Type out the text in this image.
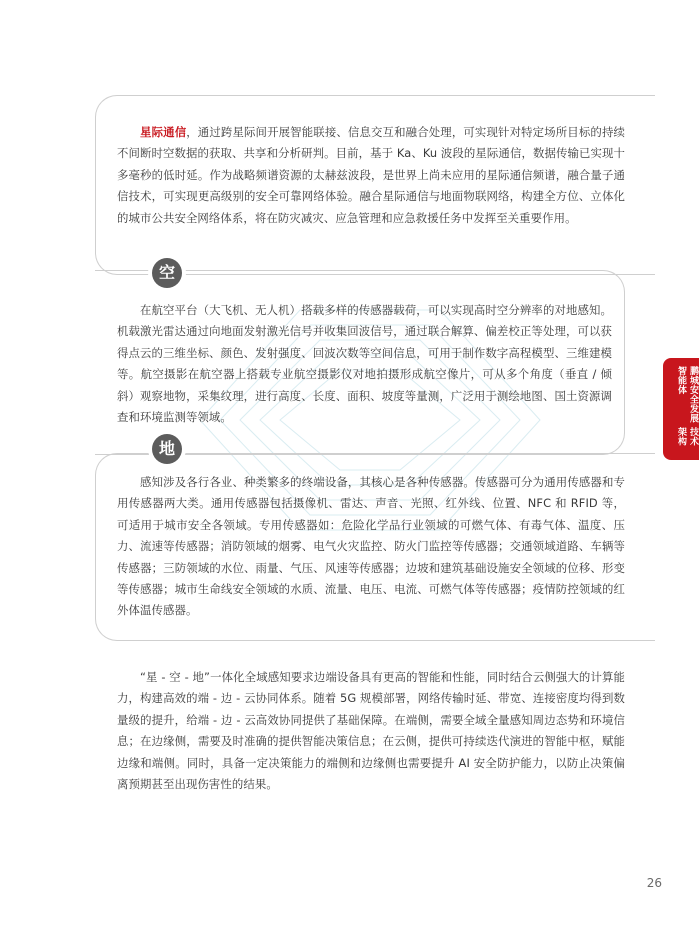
星际通信，通过跨星际间开展智能联接、信息交互和融合处理，可实现针对特定场所目标的持续不间断时空数据的获取、共享和分析研判。目前，基于 Ka、Ku 波段的星际通信，数据传输已实现十多毫秒的低时延。作为战略频谱资源的太赫兹波段，是世界上尚未应用的星际通信频谱，融合量子通信技术，可实现更高级别的安全可靠网络体验。融合星际通信与地面物联网络，构建全方位、立体化的城市公共安全网络体系，将在防灾减灾、应急管理和应急救援任务中发挥至关重要作用。

空

在航空平台（大飞机、无人机）搭载多样的传感器载荷，可以实现高时空分辨率的对地感知。机载激光雷达通过向地面发射激光信号并收集回波信号，通过联合解算、偏差校正等处理，可以获得点云的三维坐标、颜色、发射强度、回波次数等空间信息，可用于制作数字高程模型、三维建模等。航空摄影在航空器上搭载专业航空摄影仪对地拍摄形成航空像片，可从多个角度（垂直 / 倾斜）观察地物，采集纹理，进行高度、长度、面积、坡度等量测，广泛用于测绘地图、国土资源调查和环境监测等领域。

地

感知涉及各行各业、种类繁多的终端设备，其核心是各种传感器。传感器可分为通用传感器和专用传感器两大类。通用传感器包括摄像机、雷达、声音、光照、红外线、位置、NFC 和 RFID 等，可适用于城市安全各领域。专用传感器如：危险化学品行业领域的可燃气体、有毒气体、温度、压力、流速等传感器；消防领域的烟雾、电气火灾监控、防火门监控等传感器；交通领域道路、车辆等传感器；三防领域的水位、雨量、气压、风速等传感器；边坡和建筑基础设施安全领域的位移、形变等传感器；城市生命线安全领域的水质、流量、电压、电流、可燃气体等传感器；疫情防控领域的红外体温传感器。

“星 - 空 - 地”一体化全域感知要求边端设备具有更高的智能和性能，同时结合云侧强大的计算能力，构建高效的端 - 边 - 云协同体系。随着 5G 规模部署，网络传输时延、带宽、连接密度均得到数量级的提升，给端 - 边 - 云高效协同提供了基础保障。在端侧，需要全域全量感知周边态势和环境信息；在边缘侧，需要及时准确的提供智能决策信息；在云侧，提供可持续迭代演进的智能中枢，赋能边缘和端侧。同时，具备一定决策能力的端侧和边缘侧也需要提升 AI 安全防护能力，以防止决策偏离预期甚至出现伤害性的结果。

鹏城安全发展智能体
技术架构
26
